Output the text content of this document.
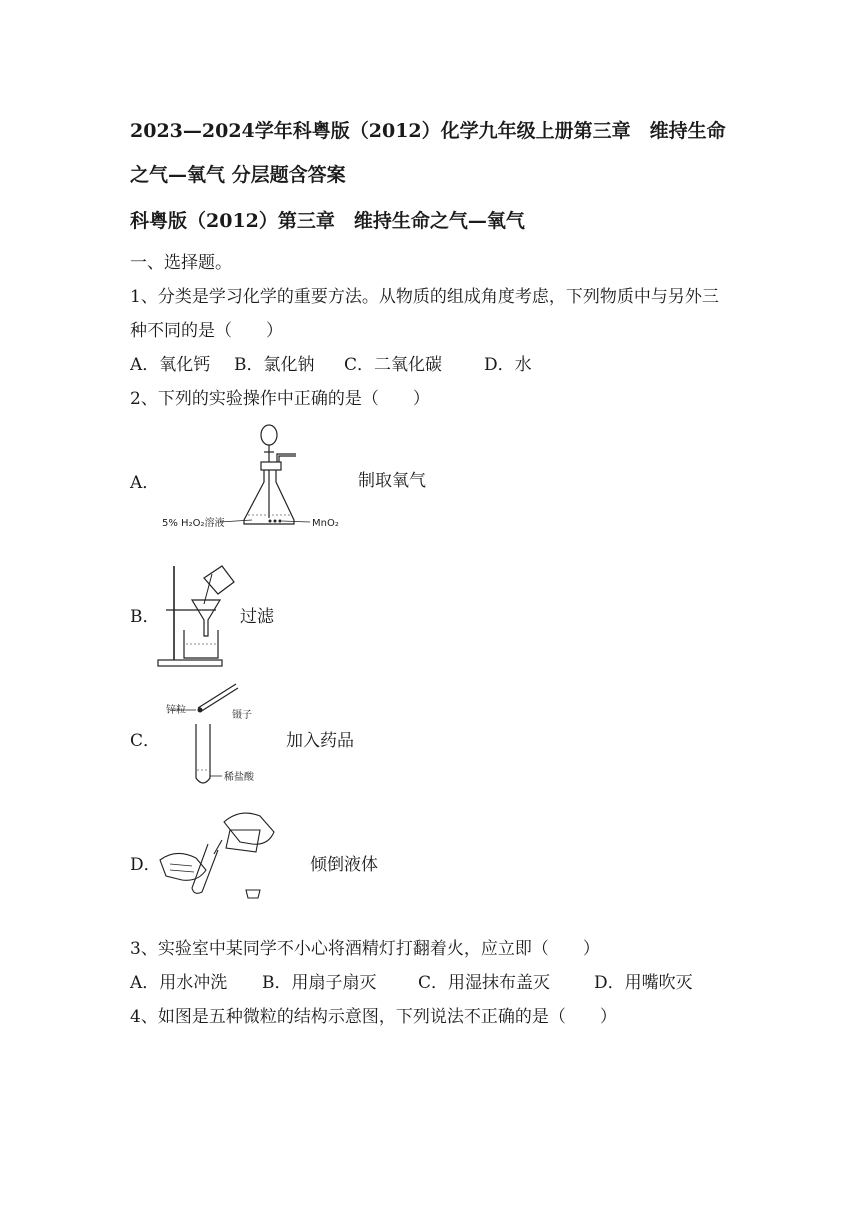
2023—2024学年科粤版（2012）化学九年级上册第三章　维持生命
之气—氧气 分层题含答案
科粤版（2012）第三章　维持生命之气—氧气
一、选择题。
1、分类是学习化学的重要方法。从物质的组成角度考虑，下列物质中与另外三
种不同的是（　　）
A．氧化钙 B．氯化钠 C．二氧化碳 D．水
2、下列的实验操作中正确的是（　　）
A．
5% H₂O₂溶液	MnO₂
制取氧气
B．	过滤
C．
锌粒	镊子
稀盐酸
加入药品
D．	倾倒液体
3、实验室中某同学不小心将酒精灯打翻着火，应立即（　　）
A．用水冲洗 B．用扇子扇灭 C．用湿抹布盖灭	D．用嘴吹灭
4、如图是五种微粒的结构示意图，下列说法不正确的是（　　）
